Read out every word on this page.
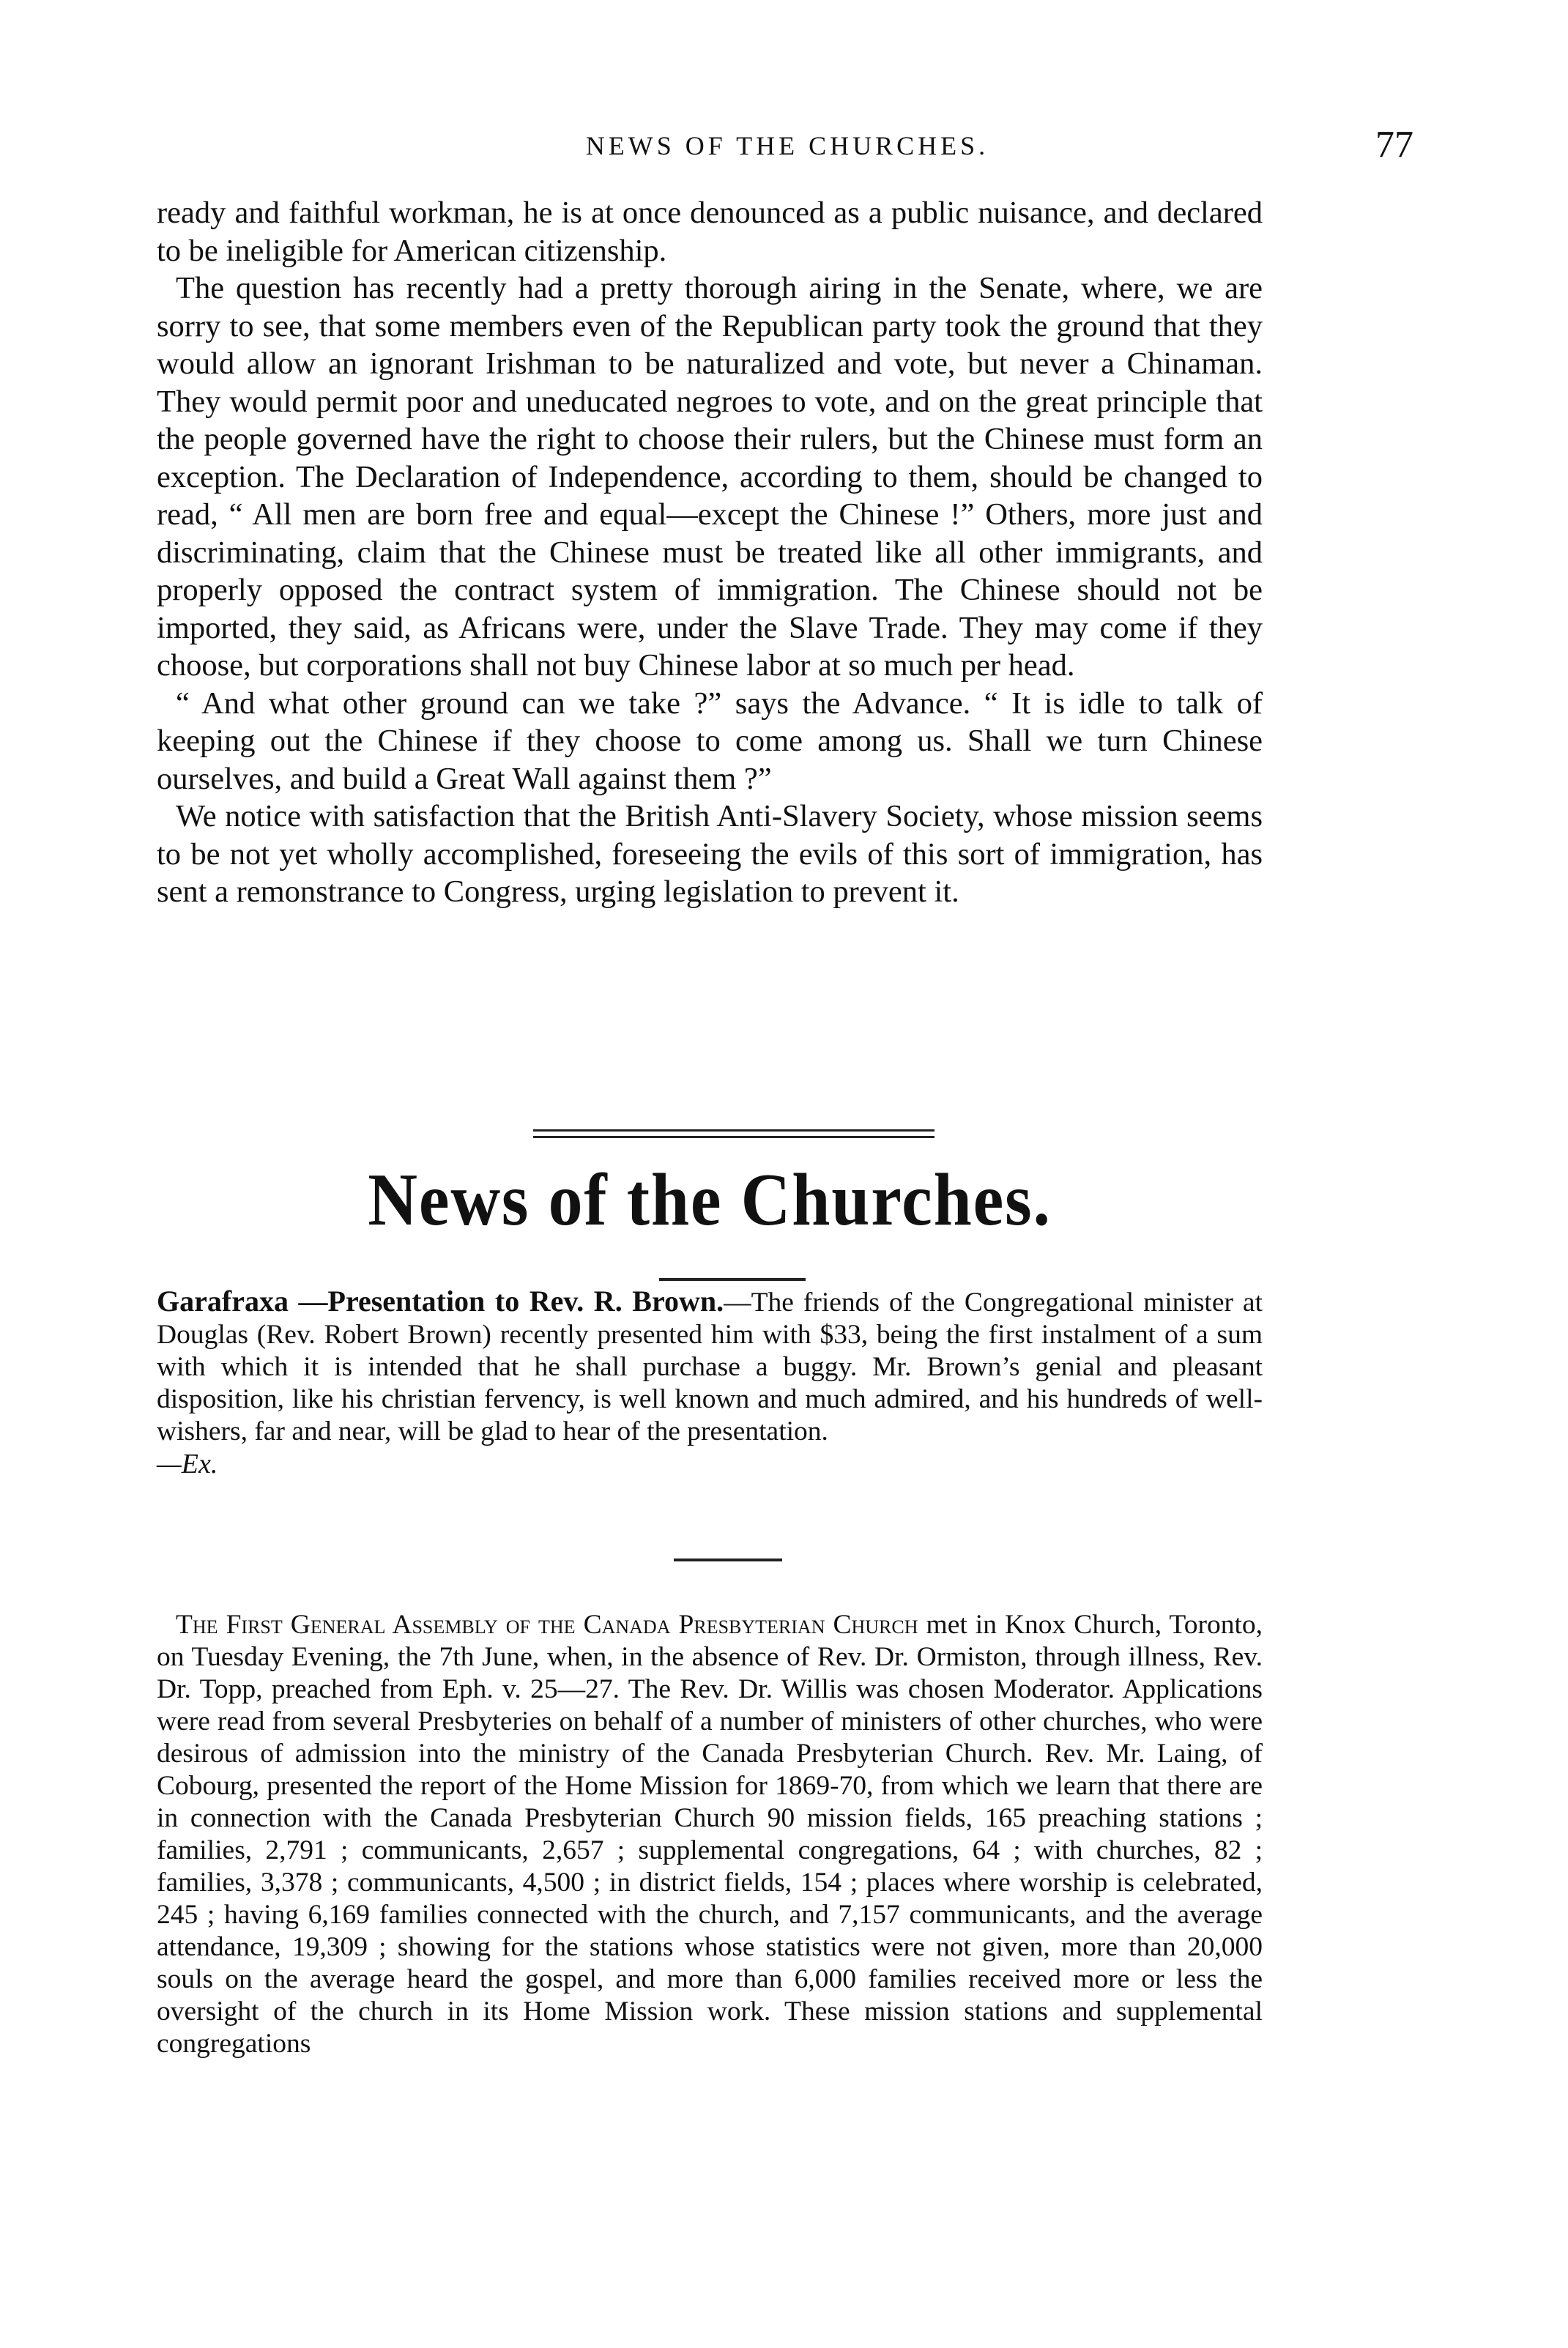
NEWS OF THE CHURCHES.	77

ready and faithful workman, he is at once denounced as a public nuisance, and declared to be ineligible for American citizenship.

The question has recently had a pretty thorough airing in the Senate, where, we are sorry to see, that some members even of the Republican party took the ground that they would allow an ignorant Irishman to be naturalized and vote, but never a Chinaman. They would permit poor and uneducated negroes to vote, and on the great principle that the people governed have the right to choose their rulers, but the Chinese must form an exception. The Declaration of Independence, according to them, should be changed to read, “ All men are born free and equal—except the Chinese !” Others, more just and discriminating, claim that the Chinese must be treated like all other immigrants, and properly opposed the contract system of immigration. The Chinese should not be imported, they said, as Africans were, under the Slave Trade. They may come if they choose, but corporations shall not buy Chinese labor at so much per head.

“ And what other ground can we take ?” says the Advance. “ It is idle to talk of keeping out the Chinese if they choose to come among us. Shall we turn Chinese ourselves, and build a Great Wall against them ?”

We notice with satisfaction that the British Anti-Slavery Society, whose mission seems to be not yet wholly accomplished, foreseeing the evils of this sort of immigration, has sent a remonstrance to Congress, urging legislation to prevent it.

News of the Churches.

Garafraxa —Presentation to Rev. R. Brown.—The friends of the Congregational minister at Douglas (Rev. Robert Brown) recently presented him with $33, being the first instalment of a sum with which it is intended that he shall purchase a buggy. Mr. Brown’s genial and pleasant disposition, like his christian fervency, is well known and much admired, and his hundreds of well-wishers, far and near, will be glad to hear of the presentation.
—Ex.

The First General Assembly of the Canada Presbyterian Church met in Knox Church, Toronto, on Tuesday Evening, the 7th June, when, in the absence of Rev. Dr. Ormiston, through illness, Rev. Dr. Topp, preached from Eph. v. 25—27. The Rev. Dr. Willis was chosen Moderator. Applications were read from several Presbyteries on behalf of a number of ministers of other churches, who were desirous of admission into the ministry of the Canada Presbyterian Church. Rev. Mr. Laing, of Cobourg, presented the report of the Home Mission for 1869-70, from which we learn that there are in connection with the Canada Presbyterian Church 90 mission fields, 165 preaching stations ; families, 2,791 ; communicants, 2,657 ; supplemental congregations, 64 ; with churches, 82 ; families, 3,378 ; communicants, 4,500 ; in district fields, 154 ; places where worship is celebrated, 245 ; having 6,169 families connected with the church, and 7,157 communicants, and the average attendance, 19,309 ; showing for the stations whose statistics were not given, more than 20,000 souls on the average heard the gospel, and more than 6,000 families received more or less the oversight of the church in its Home Mission work. These mission stations and supplemental congregations
